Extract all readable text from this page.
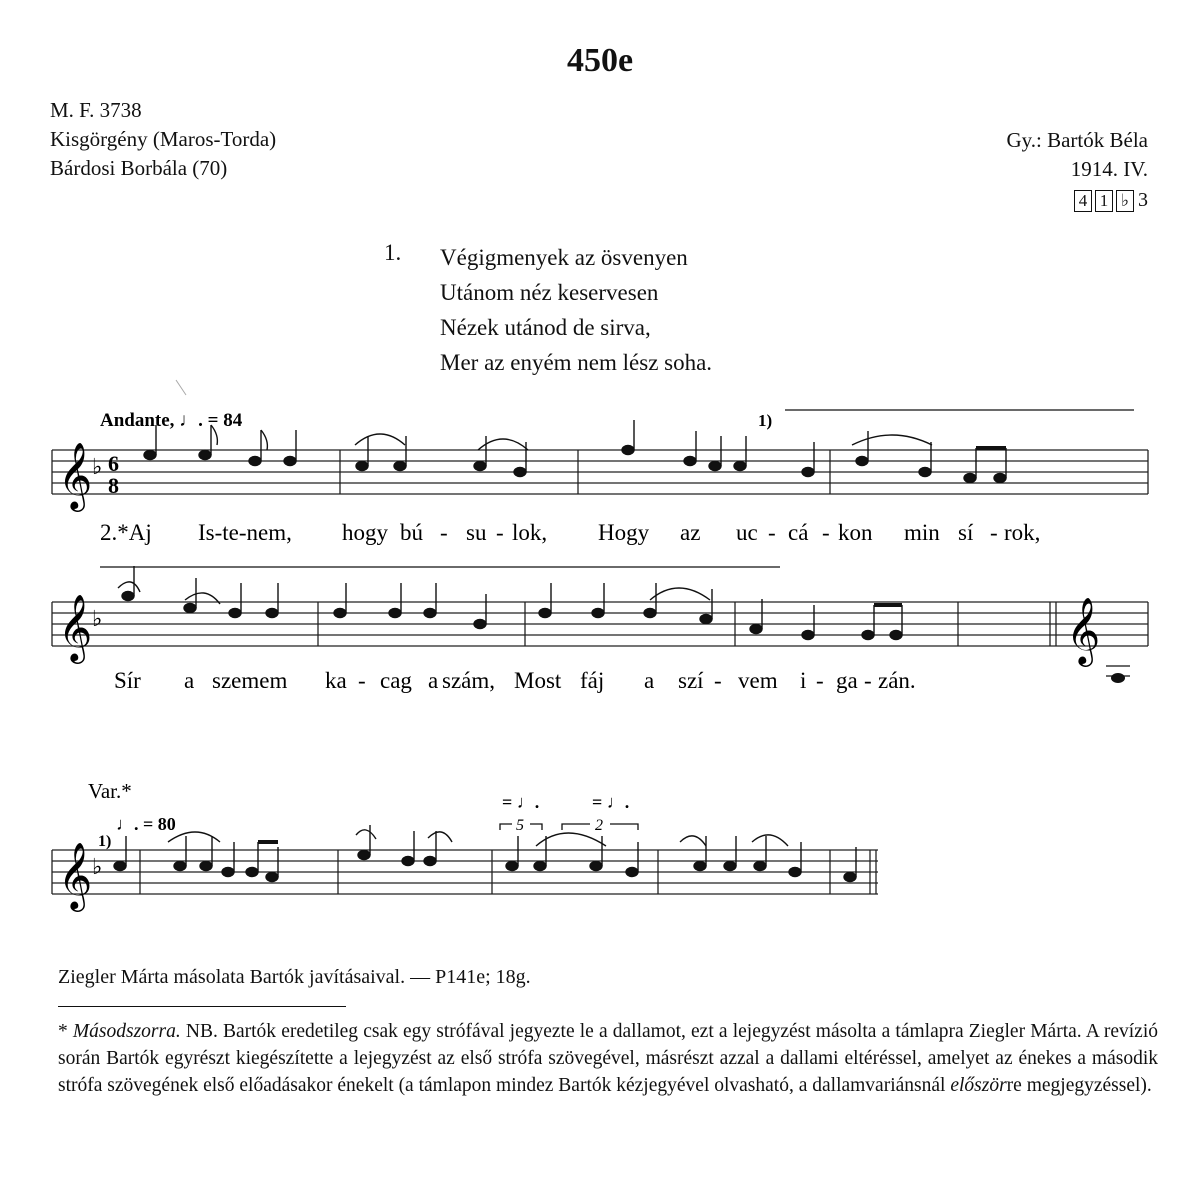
450e
M. F. 3738
Kisgörgény (Maros-Torda)
Bárdosi Borbála (70)
Gy.: Bartók Béla
1914. IV.
4 1 ♭ 3
1. Végigmenyek az ösvenyen
Utánom néz keservesen
Nézek utánod de sirva,
Mer az enyém nem lész soha.
𝄞 ♭ 6
8
Andante, ♩. = 84	1)
2.*Aj Is-te-nem, hogy bú - su - lok, Hogy az uc - cá - kon min sí - rok,
𝄞 ♭	𝄞
Sír a szemem ka - cag a szám, Most fáj a szí - vem i - ga - zán.
Var.*
♩. = 80
1)
= ♩.	= ♩.
5	2
𝄞 ♭
Ziegler Márta másolata Bartók javításaival. — P141e; 18g.
* Másodszorra. NB. Bartók eredetileg csak egy strófával jegyezte le a dallamot, ezt a lejegyzést másolta a támlapra Ziegler Márta. A revízió során Bartók egyrészt kiegészítette a lejegyzést az első strófa szövegével, másrészt azzal a dallami eltéréssel, amelyet az énekes a második strófa szövegének első előadásakor énekelt (a támlapon mindez Bartók kézjegyével olvasható, a dallamvariánsnál előszörre megjegyzéssel).
